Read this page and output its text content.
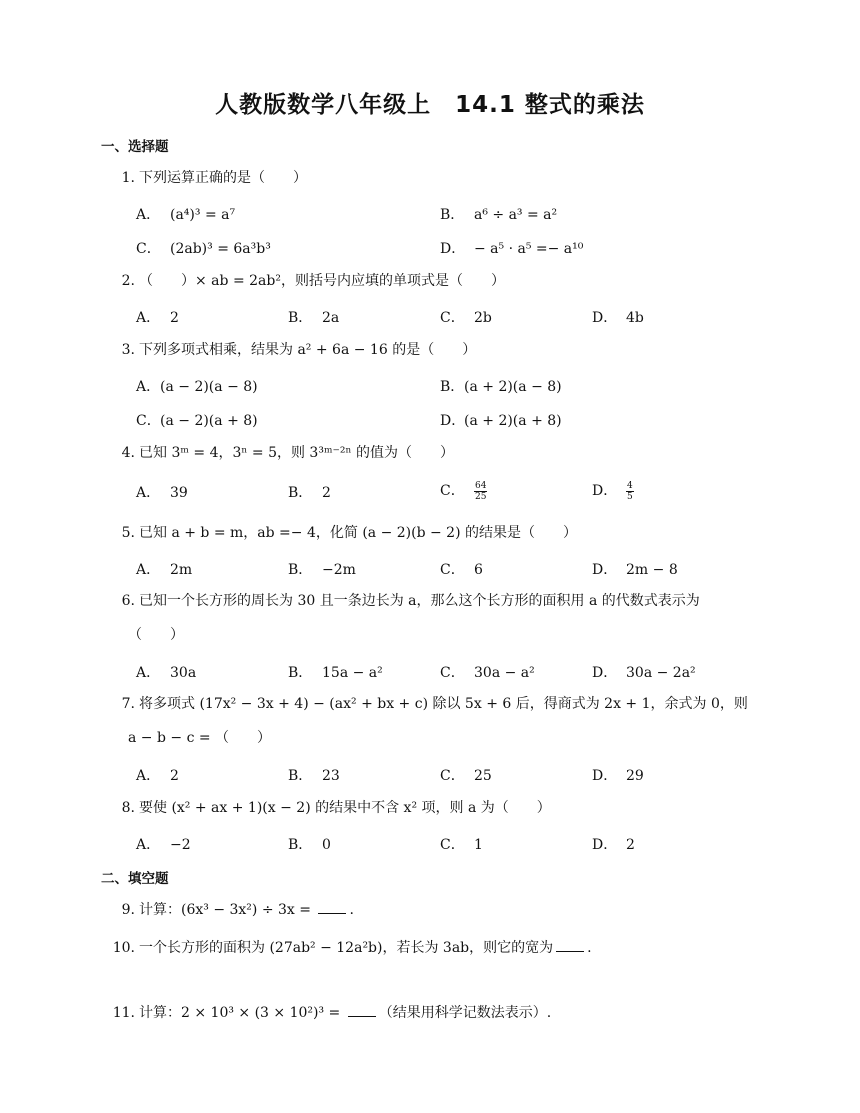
人教版数学八年级上　14.1 整式的乘法
一、选择题
1. 下列运算正确的是（　　）
A． (a⁴)³ = a⁷	B． a⁶ ÷ a³ = a²
C． (2ab)³ = 6a³b³	D． − a⁵ · a⁵ =− a¹⁰
2. （　　）× ab = 2ab²，则括号内应填的单项式是（　　）
A． 2	B． 2a	C． 2b	D． 4b
3. 下列多项式相乘，结果为 a² + 6a − 16 的是（　　）
A．(a − 2)(a − 8)	B．(a + 2)(a − 8)
C．(a − 2)(a + 8)	D．(a + 2)(a + 8)
4. 已知 3ᵐ = 4，3ⁿ = 5，则 3³ᵐ⁻²ⁿ 的值为（　　）
A． 39	B． 2	C． $\frac{64}{25}$	D． $\frac{4}{5}$
5. 已知 a + b = m，ab =− 4，化简 (a − 2)(b − 2) 的结果是（　　）
A． 2m	B． −2m	C． 6	D． 2m − 8
6. 已知一个长方形的周长为 30 且一条边长为 a，那么这个长方形的面积用 a 的代数式表示为
（　　）
A． 30a	B． 15a − a²	C． 30a − a²	D． 30a − 2a²
7. 将多项式 (17x² − 3x + 4) − (ax² + bx + c) 除以 5x + 6 后，得商式为 2x + 1，余式为 0，则
a − b − c = （　　）
A． 2	B． 23	C． 25	D． 29
8. 要使 (x² + ax + 1)(x − 2) 的结果中不含 x² 项，则 a 为（　　）
A． −2	B． 0	C． 1	D． 2
二、填空题
9. 计算：(6x³ − 3x²) ÷ 3x = .
10. 一个长方形的面积为 (27ab² − 12a²b)，若长为 3ab，则它的宽为 .
11. 计算：2 × 10³ × (3 × 10²)³ = （结果用科学记数法表示）.
